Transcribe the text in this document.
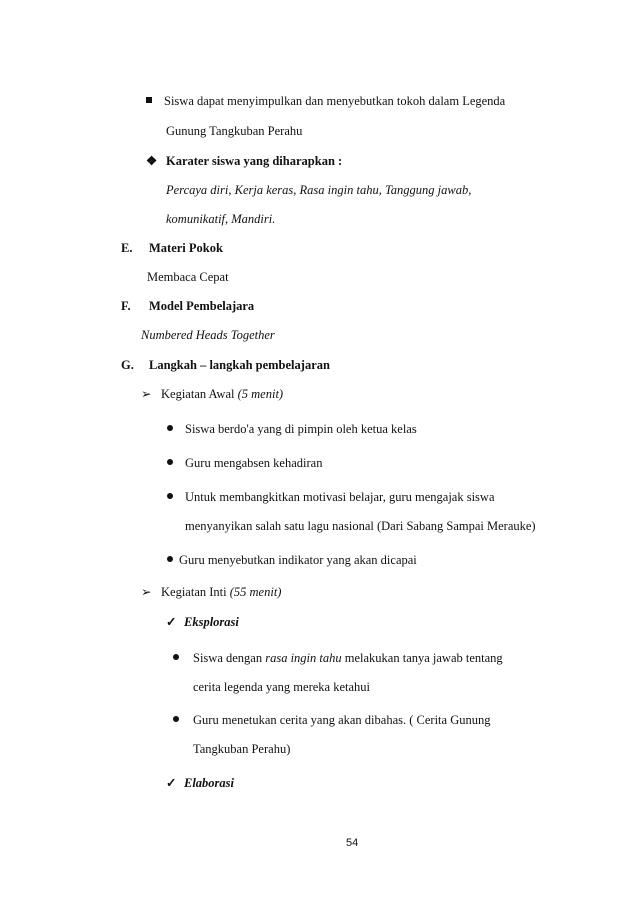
Siswa dapat menyimpulkan dan menyebutkan tokoh dalam Legenda
Gunung Tangkuban Perahu
❖ Karater siswa yang diharapkan :
Percaya diri, Kerja keras, Rasa ingin tahu, Tanggung jawab,
komunikatif, Mandiri.
E. Materi Pokok
Membaca Cepat
F. Model Pembelajara
Numbered Heads Together
G. Langkah – langkah pembelajaran
➢ Kegiatan Awal (5 menit)
Siswa berdo'a yang di pimpin oleh ketua kelas
Guru mengabsen kehadiran
Untuk membangkitkan motivasi belajar, guru mengajak siswa
menyanyikan salah satu lagu nasional (Dari Sabang Sampai Merauke)
Guru menyebutkan indikator yang akan dicapai
➢ Kegiatan Inti (55 menit)
✓ Eksplorasi
Siswa dengan rasa ingin tahu melakukan tanya jawab tentang
cerita legenda yang mereka ketahui
Guru menetukan cerita yang akan dibahas. ( Cerita Gunung
Tangkuban Perahu)
✓ Elaborasi
54
